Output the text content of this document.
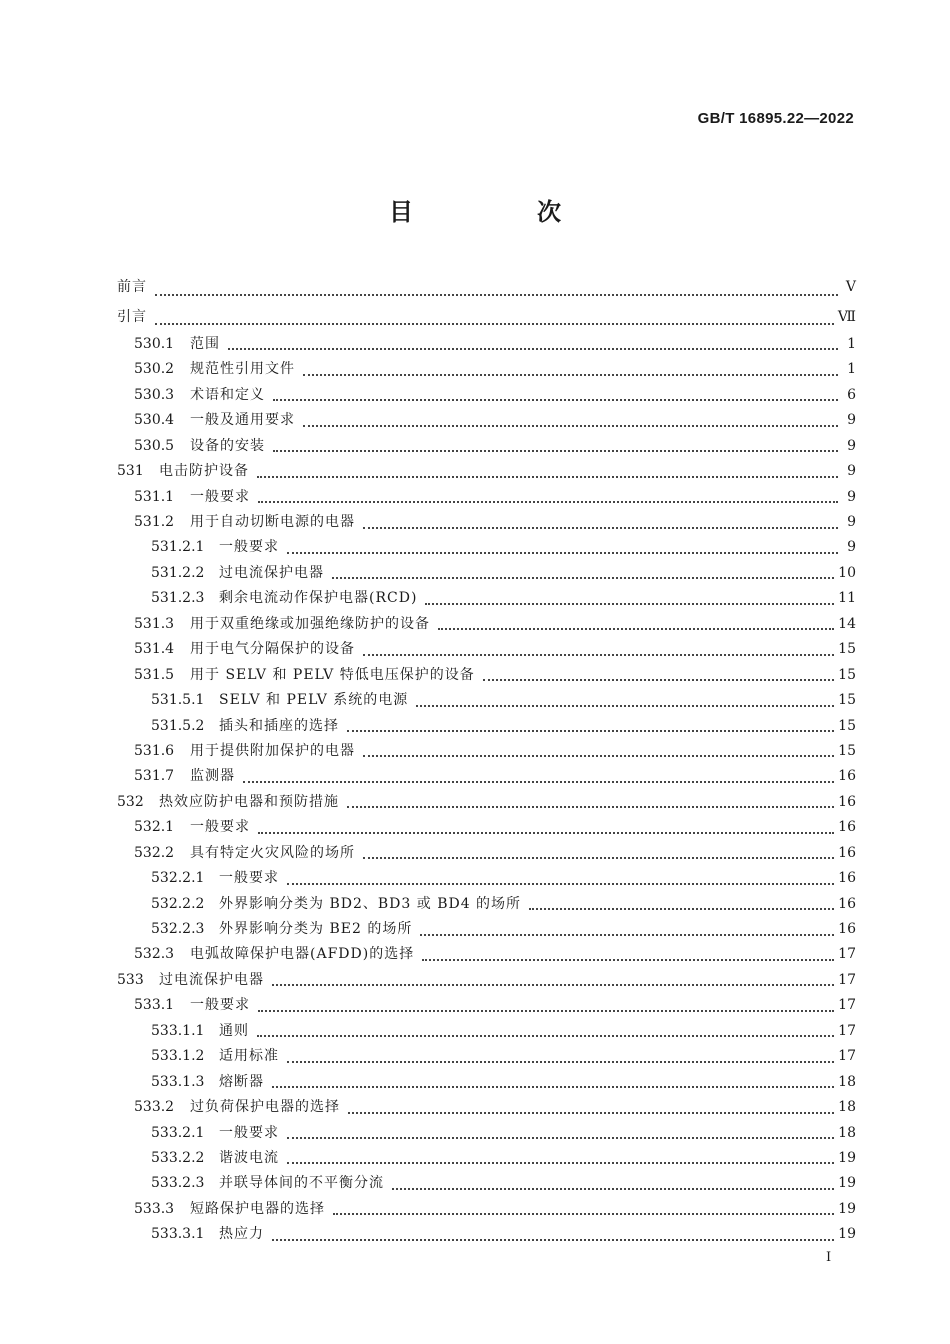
GB/T 16895.22—2022
目　次
前言	Ⅴ
引言	Ⅶ
530.1	范围	1
530.2	规范性引用文件	1
530.3	术语和定义	6
530.4	一般及通用要求	9
530.5	设备的安装	9
531	电击防护设备	9
531.1	一般要求	9
531.2	用于自动切断电源的电器	9
531.2.1	一般要求	9
531.2.2	过电流保护电器	10
531.2.3	剩余电流动作保护电器(RCD)	11
531.3	用于双重绝缘或加强绝缘防护的设备	14
531.4	用于电气分隔保护的设备	15
531.5	用于 SELV 和 PELV 特低电压保护的设备	15
531.5.1	SELV 和 PELV 系统的电源	15
531.5.2	插头和插座的选择	15
531.6	用于提供附加保护的电器	15
531.7	监测器	16
532	热效应防护电器和预防措施	16
532.1	一般要求	16
532.2	具有特定火灾风险的场所	16
532.2.1	一般要求	16
532.2.2	外界影响分类为 BD2、BD3 或 BD4 的场所	16
532.2.3	外界影响分类为 BE2 的场所	16
532.3	电弧故障保护电器(AFDD)的选择	17
533	过电流保护电器	17
533.1	一般要求	17
533.1.1	通则	17
533.1.2	适用标准	17
533.1.3	熔断器	18
533.2	过负荷保护电器的选择	18
533.2.1	一般要求	18
533.2.2	谐波电流	19
533.2.3	并联导体间的不平衡分流	19
533.3	短路保护电器的选择	19
533.3.1	热应力	19
I
